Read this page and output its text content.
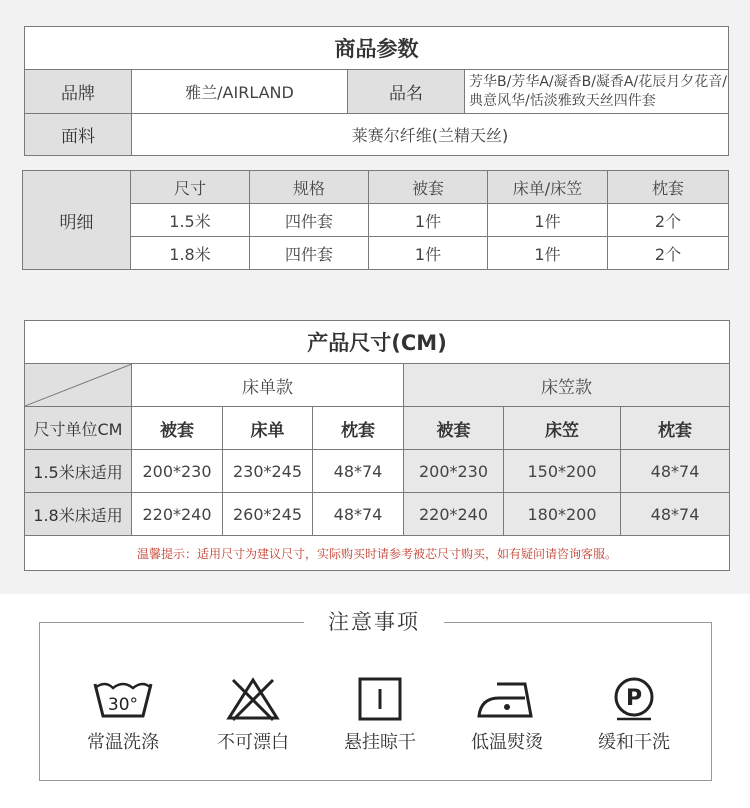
商品参数			
品牌	雅兰/AIRLAND	品名	芳华B/芳华A/凝香B/凝香A/花辰月夕花音/典意风华/恬淡雅致天丝四件套
面料	莱赛尔纤维(兰精天丝)		
明细	尺寸	规格	被套	床单/床笠	枕套
	1.5米	四件套	1件	1件	2个
	1.8米	四件套	1件	1件	2个
产品尺寸(CM)						

	床单款			床笠款		
尺寸单位CM	被套	床单	枕套	被套	床笠	枕套
1.5米床适用	200*230	230*245	48*74	200*230	150*200	48*74
1.8米床适用	220*240	260*245	48*74	220*240	180*200	48*74
温馨提示：适用尺寸为建议尺寸，实际购买时请参考被芯尺寸购买，如有疑问请咨询客服。						
注意事项
30°
常温洗涤	不可漂白	悬挂晾干	低温熨烫
P
缓和干洗
